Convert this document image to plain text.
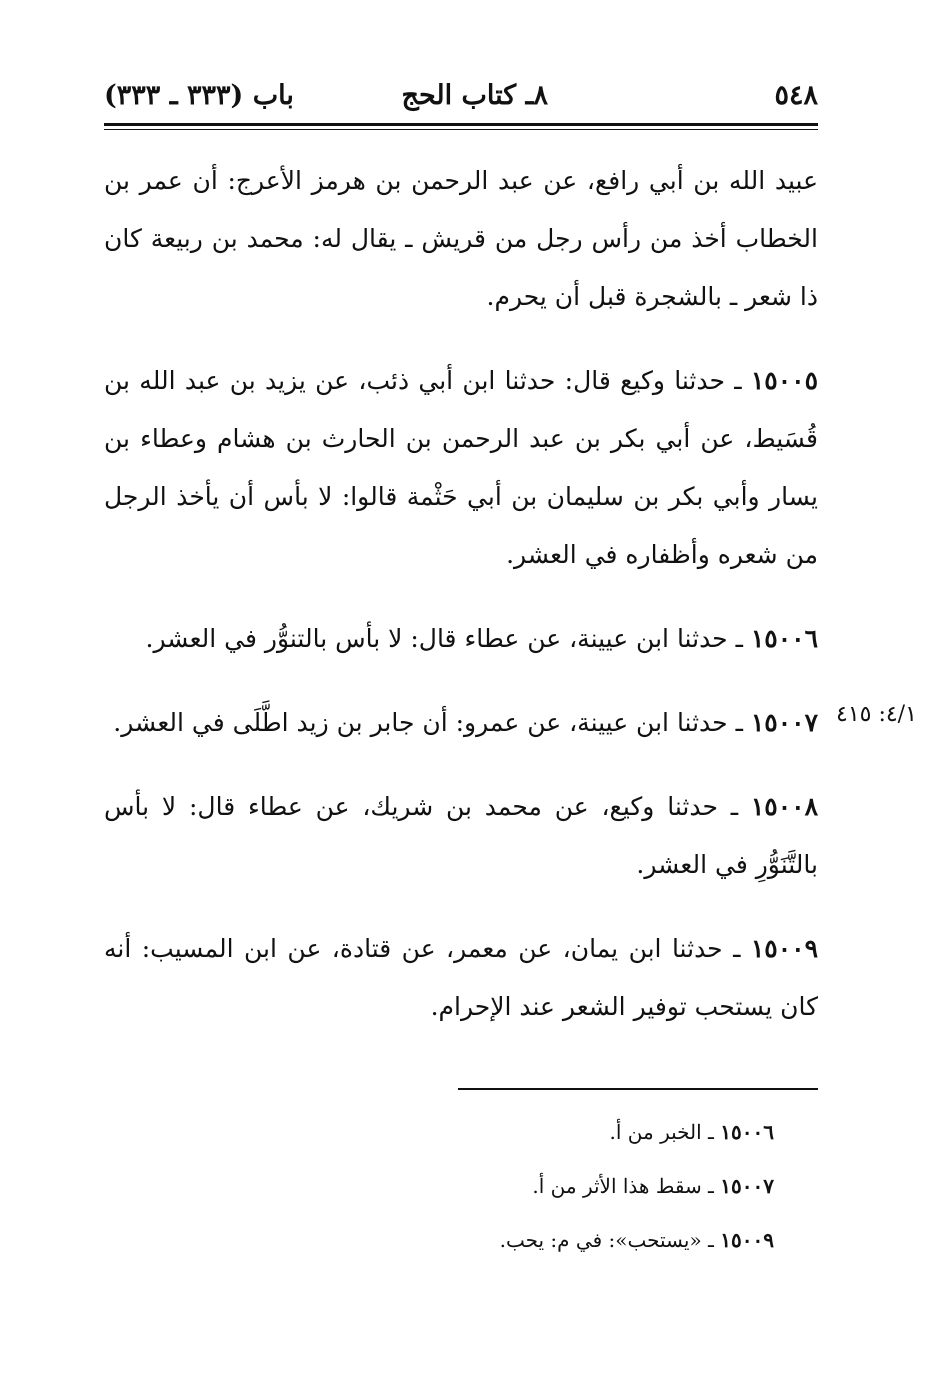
٥٤٨
٨ـ كتاب الحج
باب (٣٣٣ ـ ٣٣٣)

عبيد الله بن أبي رافع، عن عبد الرحمن بن هرمز الأعرج: أن عمر بن الخطاب أخذ من رأس رجل من قريش ـ يقال له: محمد بن ربيعة كان ذا شعر ـ بالشجرة قبل أن يحرم.

١٥٠٠٥ ـ حدثنا وكيع قال: حدثنا ابن أبي ذئب، عن يزيد بن عبد الله بن قُسَيط، عن أبي بكر بن عبد الرحمن بن الحارث بن هشام وعطاء بن يسار وأبي بكر بن سليمان بن أبي حَثْمة قالوا: لا بأس أن يأخذ الرجل من شعره وأظفاره في العشر.

١٥٠٠٦ ـ حدثنا ابن عيينة، عن عطاء قال: لا بأس بالتنوُّر في العشر.

١٥٠٠٧ ـ حدثنا ابن عيينة، عن عمرو: أن جابر بن زيد اطَّلَى في العشر.

١٥٠٠٨ ـ حدثنا وكيع، عن محمد بن شريك، عن عطاء قال: لا بأس بالتَّنَوُّرِ في العشر.

١٥٠٠٩ ـ حدثنا ابن يمان، عن معمر، عن قتادة، عن ابن المسيب: أنه كان يستحب توفير الشعر عند الإحرام.

٤/١: ٤١٥

١٥٠٠٦ ـ الخبر من أ.

١٥٠٠٧ ـ سقط هذا الأثر من أ.

١٥٠٠٩ ـ «يستحب»: في م: يحب.
